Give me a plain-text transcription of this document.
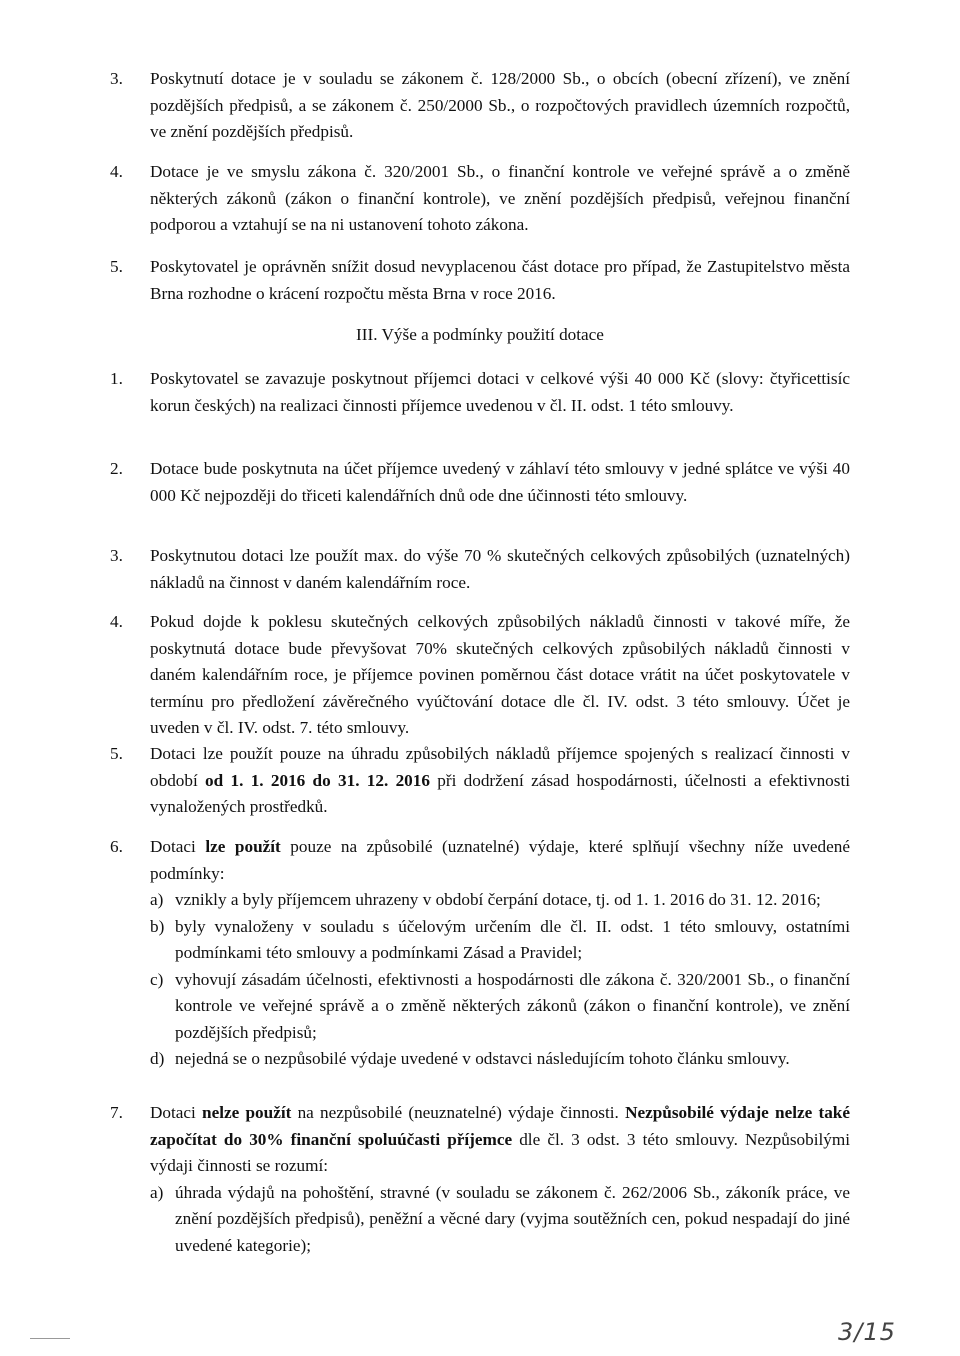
3.	Poskytnutí dotace je v souladu se zákonem č. 128/2000 Sb., o obcích (obecní zřízení), ve znění pozdějších předpisů, a se zákonem č. 250/2000 Sb., o rozpočtových pravidlech územních rozpočtů, ve znění pozdějších předpisů.
4.	Dotace je ve smyslu zákona č. 320/2001 Sb., o finanční kontrole ve veřejné správě a o změně některých zákonů (zákon o finanční kontrole), ve znění pozdějších předpisů, veřejnou finanční podporou a vztahují se na ni ustanovení tohoto zákona.
5.	Poskytovatel je oprávněn snížit dosud nevyplacenou část dotace pro případ, že Zastupitelstvo města Brna rozhodne o krácení rozpočtu města Brna v roce 2016.
III. Výše a podmínky použití dotace
1.	Poskytovatel se zavazuje poskytnout příjemci dotaci v celkové výši 40 000 Kč (slovy: čtyřicettisíc korun českých) na realizaci činnosti příjemce uvedenou v čl. II. odst. 1 této smlouvy.
2.	Dotace bude poskytnuta na účet příjemce uvedený v záhlaví této smlouvy v jedné splátce ve výši 40 000 Kč nejpozději do třiceti kalendářních dnů ode dne účinnosti této smlouvy.
3.	Poskytnutou dotaci lze použít max. do výše 70 % skutečných celkových způsobilých (uznatelných) nákladů na činnost v daném kalendářním roce.
4.	Pokud dojde k poklesu skutečných celkových způsobilých nákladů činnosti v takové míře, že poskytnutá dotace bude převyšovat 70% skutečných celkových způsobilých nákladů činnosti v daném kalendářním roce, je příjemce povinen poměrnou část dotace vrátit na účet poskytovatele v termínu pro předložení závěrečného vyúčtování dotace dle čl. IV. odst. 3 této smlouvy. Účet je uveden v čl. IV. odst. 7. této smlouvy.
5.	Dotaci lze použít pouze na úhradu způsobilých nákladů příjemce spojených s realizací činnosti v období od 1. 1. 2016 do 31. 12. 2016 při dodržení zásad hospodárnosti, účelnosti a efektivnosti vynaložených prostředků.
6.	Dotaci lze použít pouze na způsobilé (uznatelné) výdaje, které splňují všechny níže uvedené podmínky:
a) vznikly a byly příjemcem uhrazeny v období čerpání dotace, tj. od 1. 1. 2016 do 31. 12. 2016;
b) byly vynaloženy v souladu s účelovým určením dle čl. II. odst. 1 této smlouvy, ostatními podmínkami této smlouvy a podmínkami Zásad a Pravidel;
c) vyhovují zásadám účelnosti, efektivnosti a hospodárnosti dle zákona č. 320/2001 Sb., o finanční kontrole ve veřejné správě a o změně některých zákonů (zákon o finanční kontrole), ve znění pozdějších předpisů;
d) nejedná se o nezpůsobilé výdaje uvedené v odstavci následujícím tohoto článku smlouvy.
7.	Dotaci nelze použít na nezpůsobilé (neuznatelné) výdaje činnosti. Nezpůsobilé výdaje nelze také započítat do 30% finanční spoluúčasti příjemce dle čl. 3 odst. 3 této smlouvy. Nezpůsobilými výdaji činnosti se rozumí:
a) úhrada výdajů na pohoštění, stravné (v souladu se zákonem č. 262/2006 Sb., zákoník práce, ve znění pozdějších předpisů), peněžní a věcné dary (vyjma soutěžních cen, pokud nespadají do jiné uvedené kategorie);
3/15
